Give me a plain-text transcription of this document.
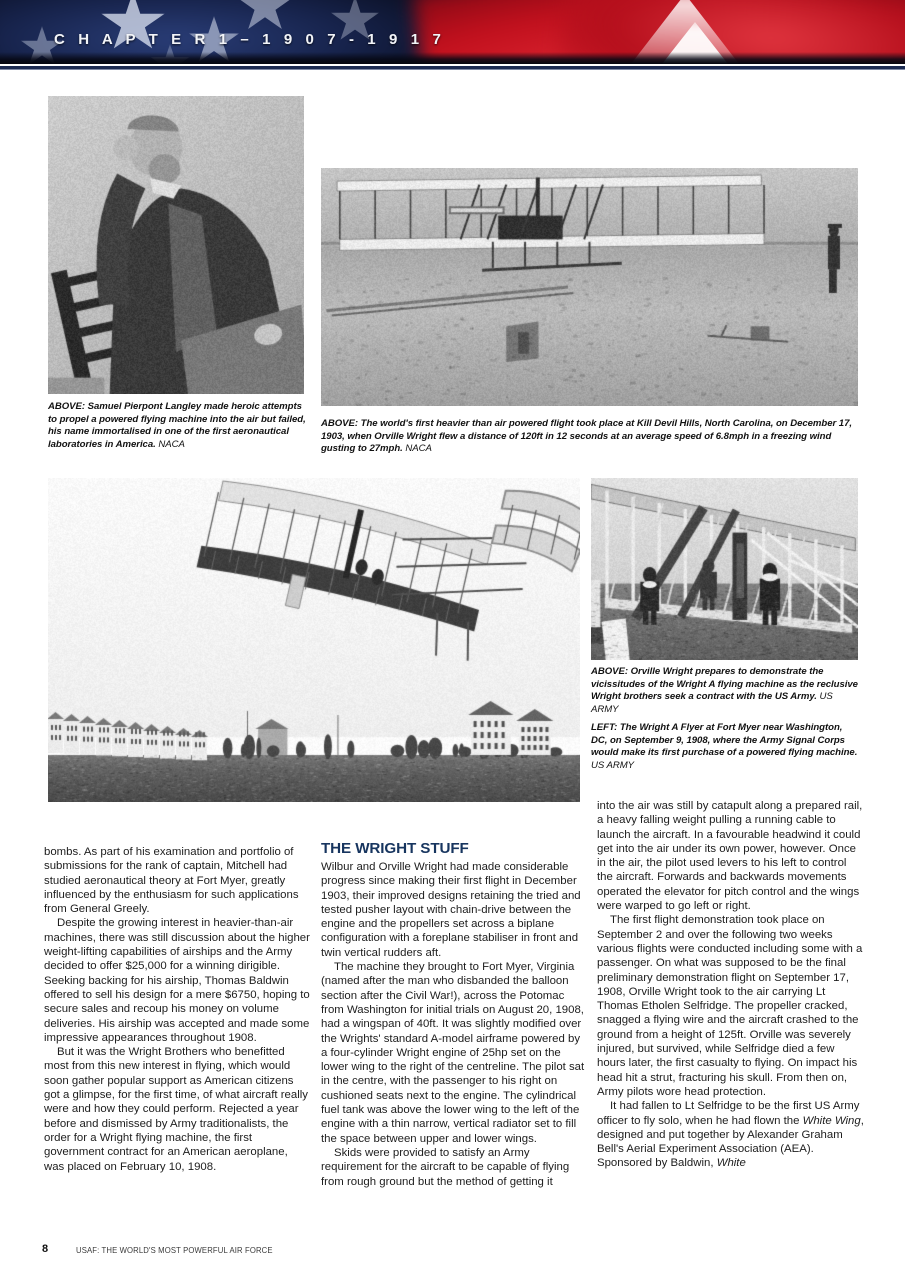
C H A P T E R 1 – 1 9 0 7 - 1 9 1 7
ABOVE: Samuel Pierpont Langley made heroic attempts to propel a powered flying machine into the air but failed, his name immortalised in one of the first aeronautical laboratories in America. NACA
ABOVE: The world's first heavier than air powered flight took place at Kill Devil Hills, North Carolina, on December 17, 1903, when Orville Wright flew a distance of 120ft in 12 seconds at an average speed of 6.8mph in a freezing wind gusting to 27mph. NACA
ABOVE: Orville Wright prepares to demonstrate the vicissitudes of the Wright A flying machine as the reclusive Wright brothers seek a contract with the US Army. US ARMY
LEFT: The Wright A Flyer at Fort Myer near Washington, DC, on September 9, 1908, where the Army Signal Corps would make its first purchase of a powered flying machine. US ARMY

bombs. As part of his examination and portfolio of submissions for the rank of captain, Mitchell had studied aeronautical theory at Fort Myer, greatly influenced by the enthusiasm for such applications from General Greely.

Despite the growing interest in heavier-than-air machines, there was still discussion about the higher weight-lifting capabilities of airships and the Army decided to offer $25,000 for a winning dirigible. Seeking backing for his airship, Thomas Baldwin offered to sell his design for a mere $6750, hoping to secure sales and recoup his money on volume deliveries. His airship was accepted and made some impressive appearances throughout 1908.

But it was the Wright Brothers who benefitted most from this new interest in flying, which would soon gather popular support as American citizens got a glimpse, for the first time, of what aircraft really were and how they could perform. Rejected a year before and dismissed by Army traditionalists, the order for a Wright flying machine, the first government contract for an American aeroplane, was placed on February 10, 1908.

THE WRIGHT STUFF

Wilbur and Orville Wright had made considerable progress since making their first flight in December 1903, their improved designs retaining the tried and tested pusher layout with chain-drive between the engine and the propellers set across a biplane configuration with a foreplane stabiliser in front and twin vertical rudders aft.

The machine they brought to Fort Myer, Virginia (named after the man who disbanded the balloon section after the Civil War!), across the Potomac from Washington for initial trials on August 20, 1908, had a wingspan of 40ft. It was slightly modified over the Wrights' standard A-model airframe powered by a four-cylinder Wright engine of 25hp set on the lower wing to the right of the centreline. The pilot sat in the centre, with the passenger to his right on cushioned seats next to the engine. The cylindrical fuel tank was above the lower wing to the left of the engine with a thin narrow, vertical radiator set to fill the space between upper and lower wings.

Skids were provided to satisfy an Army requirement for the aircraft to be capable of flying from rough ground but the method of getting it

into the air was still by catapult along a prepared rail, a heavy falling weight pulling a running cable to launch the aircraft. In a favourable headwind it could get into the air under its own power, however. Once in the air, the pilot used levers to his left to control the aircraft. Forwards and backwards movements operated the elevator for pitch control and the wings were warped to go left or right.

The first flight demonstration took place on September 2 and over the following two weeks various flights were conducted including some with a passenger. On what was supposed to be the final preliminary demonstration flight on September 17, 1908, Orville Wright took to the air carrying Lt Thomas Etholen Selfridge. The propeller cracked, snagged a flying wire and the aircraft crashed to the ground from a height of 125ft. Orville was severely injured, but survived, while Selfridge died a few hours later, the first casualty to flying. On impact his head hit a strut, fracturing his skull. From then on, Army pilots wore head protection.

It had fallen to Lt Selfridge to be the first US Army officer to fly solo, when he had flown the White Wing, designed and put together by Alexander Graham Bell's Aerial Experiment Association (AEA). Sponsored by Baldwin, White

8	USAF: THE WORLD'S MOST POWERFUL AIR FORCE
